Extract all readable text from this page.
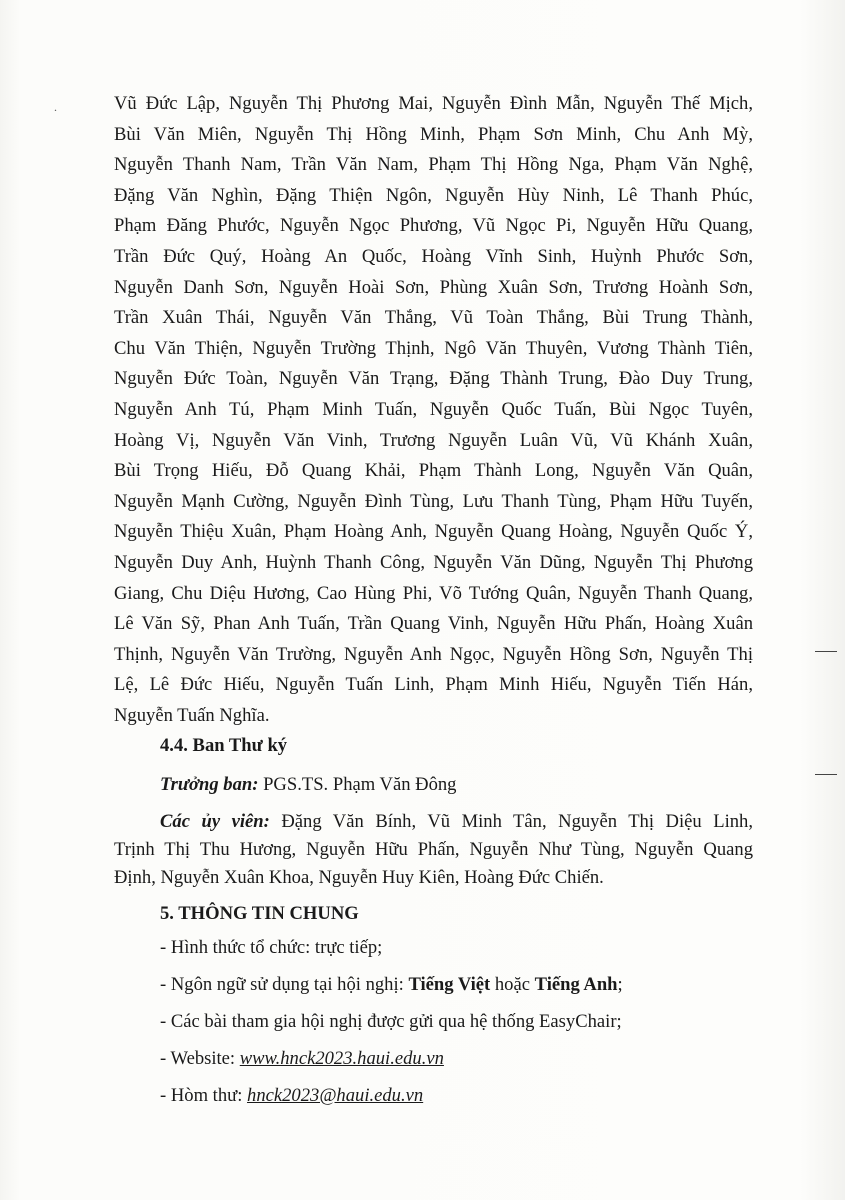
Vũ Đức Lập, Nguyễn Thị Phương Mai, Nguyễn Đình Mẫn, Nguyễn Thế Mịch,
Bùi Văn Miên, Nguyễn Thị Hồng Minh, Phạm Sơn Minh, Chu Anh Mỳ,
Nguyễn Thanh Nam, Trần Văn Nam, Phạm Thị Hồng Nga, Phạm Văn Nghệ,
Đặng Văn Nghìn, Đặng Thiện Ngôn, Nguyễn Hùy Ninh, Lê Thanh Phúc,
Phạm Đăng Phước, Nguyễn Ngọc Phương, Vũ Ngọc Pi, Nguyễn Hữu Quang,
Trần Đức Quý, Hoàng An Quốc, Hoàng Vĩnh Sinh, Huỳnh Phước Sơn,
Nguyễn Danh Sơn, Nguyễn Hoài Sơn, Phùng Xuân Sơn, Trương Hoành Sơn,
Trần Xuân Thái, Nguyễn Văn Thắng, Vũ Toàn Thắng, Bùi Trung Thành,
Chu Văn Thiện, Nguyễn Trường Thịnh, Ngô Văn Thuyên, Vương Thành Tiên,
Nguyễn Đức Toàn, Nguyễn Văn Trạng, Đặng Thành Trung, Đào Duy Trung,
Nguyễn Anh Tú, Phạm Minh Tuấn, Nguyễn Quốc Tuấn, Bùi Ngọc Tuyên,
Hoàng Vị, Nguyễn Văn Vinh, Trương Nguyễn Luân Vũ, Vũ Khánh Xuân,
Bùi Trọng Hiếu, Đỗ Quang Khải, Phạm Thành Long, Nguyễn Văn Quân,
Nguyễn Mạnh Cường, Nguyễn Đình Tùng, Lưu Thanh Tùng, Phạm Hữu Tuyến,
Nguyễn Thiệu Xuân, Phạm Hoàng Anh, Nguyễn Quang Hoàng, Nguyễn Quốc Ý,
Nguyễn Duy Anh, Huỳnh Thanh Công, Nguyễn Văn Dũng, Nguyễn Thị Phương
Giang, Chu Diệu Hương, Cao Hùng Phi, Võ Tướng Quân, Nguyễn Thanh Quang,
Lê Văn Sỹ, Phan Anh Tuấn, Trần Quang Vinh, Nguyễn Hữu Phấn, Hoàng Xuân
Thịnh, Nguyễn Văn Trường, Nguyễn Anh Ngọc, Nguyễn Hồng Sơn, Nguyễn Thị
Lệ, Lê Đức Hiếu, Nguyễn Tuấn Linh, Phạm Minh Hiếu, Nguyễn Tiến Hán,
Nguyễn Tuấn Nghĩa.
4.4. Ban Thư ký
Trưởng ban: PGS.TS. Phạm Văn Đông
Các ủy viên: Đặng Văn Bính, Vũ Minh Tân, Nguyễn Thị Diệu Linh,
Trịnh Thị Thu Hương, Nguyễn Hữu Phấn, Nguyễn Như Tùng, Nguyễn Quang
Định, Nguyễn Xuân Khoa, Nguyễn Huy Kiên, Hoàng Đức Chiến.
5. THÔNG TIN CHUNG
- Hình thức tổ chức: trực tiếp;
- Ngôn ngữ sử dụng tại hội nghị: Tiếng Việt hoặc Tiếng Anh;
- Các bài tham gia hội nghị được gửi qua hệ thống EasyChair;
- Website: www.hnck2023.haui.edu.vn
- Hòm thư: hnck2023@haui.edu.vn
.
